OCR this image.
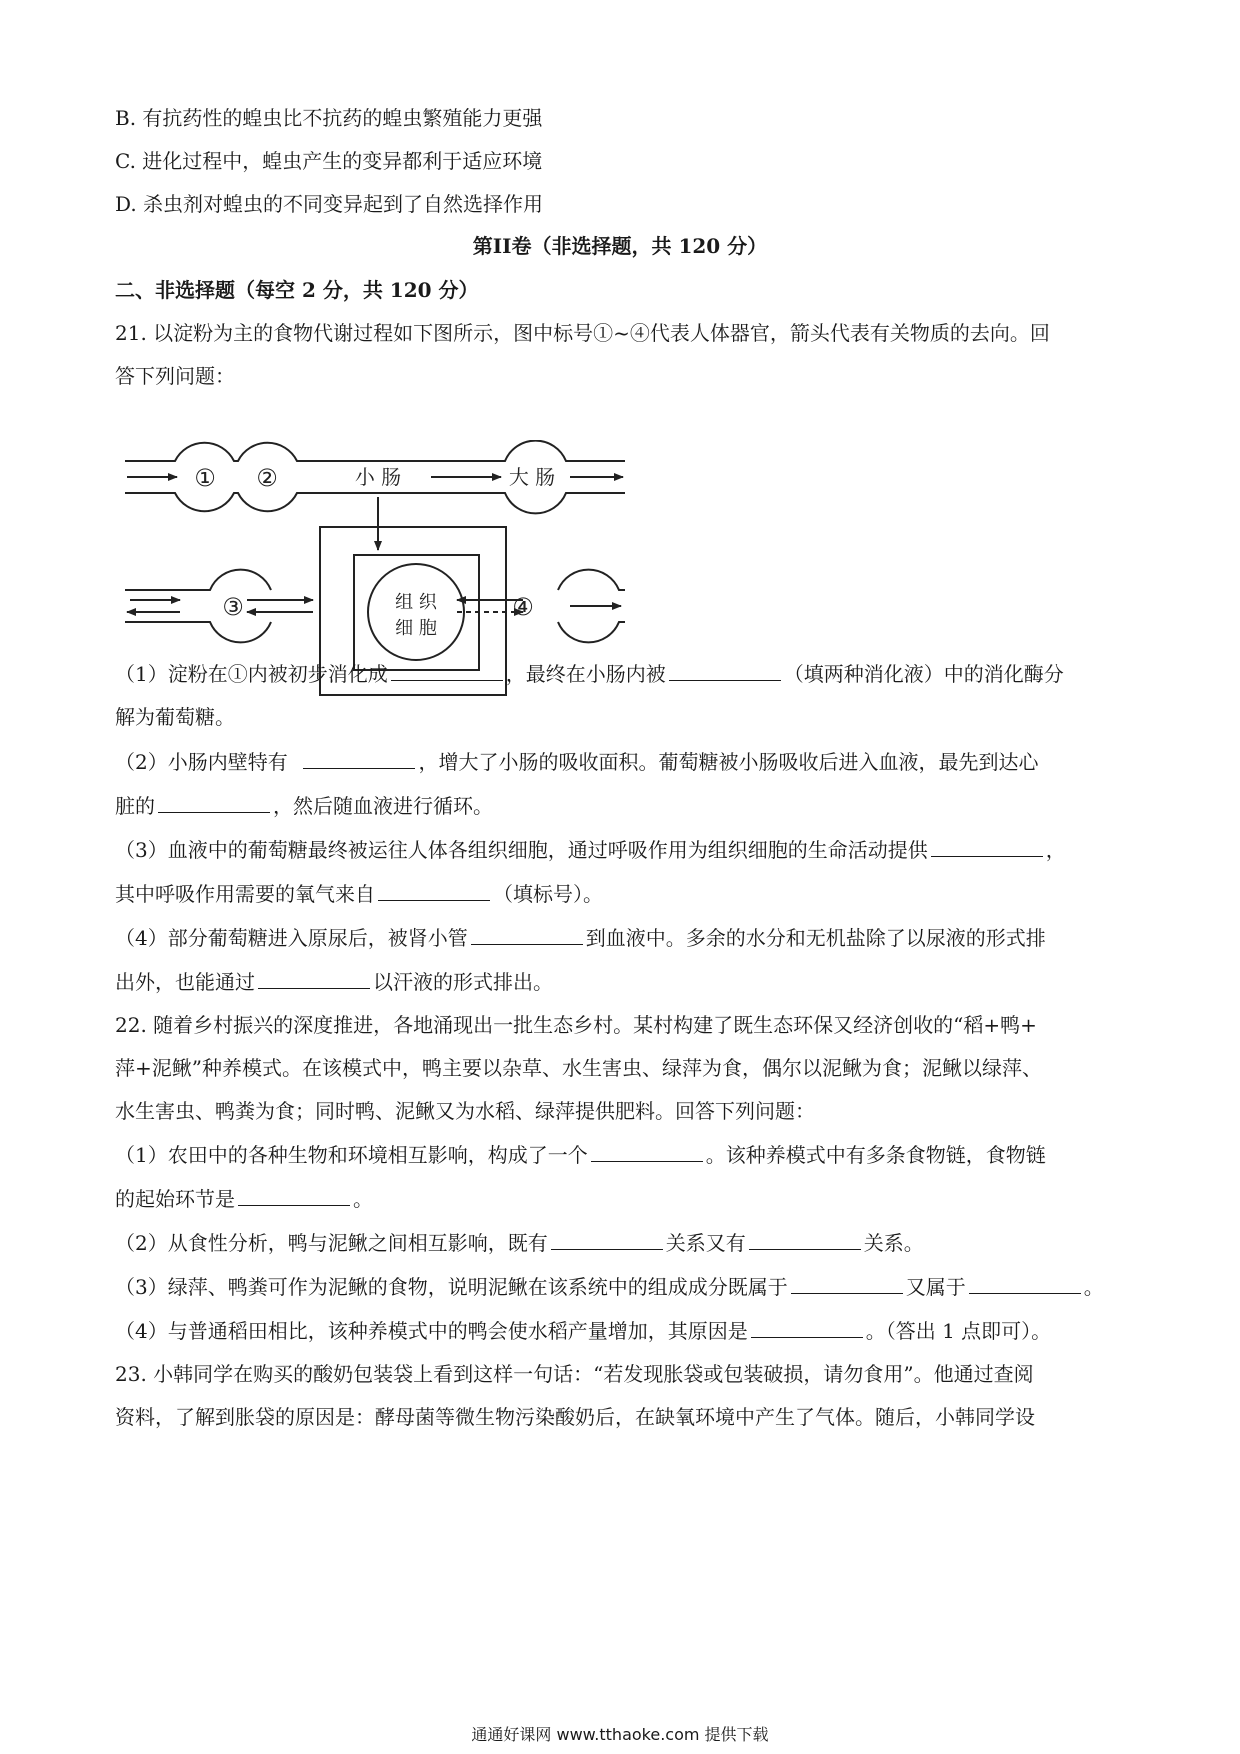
B. 有抗药性的蝗虫比不抗药的蝗虫繁殖能力更强
C. 进化过程中，蝗虫产生的变异都利于适应环境
D. 杀虫剂对蝗虫的不同变异起到了自然选择作用
第II卷（非选择题，共 120 分）
二、非选择题（每空 2 分，共 120 分）
21. 以淀粉为主的食物代谢过程如下图所示，图中标号①~④代表人体器官，箭头代表有关物质的去向。回
答下列问题：
① ②	小 肠	大 肠
③	④
组 织
细 胞
（1）淀粉在①内被初步消化成	，最终在小肠内被	（填两种消化液）中的消化酶分
解为葡萄糖。
（2）小肠内壁特有	，增大了小肠的吸收面积。葡萄糖被小肠吸收后进入血液，最先到达心
脏的	，然后随血液进行循环。
（3）血液中的葡萄糖最终被运往人体各组织细胞，通过呼吸作用为组织细胞的生命活动提供	，
其中呼吸作用需要的氧气来自	（填标号）。
（4）部分葡萄糖进入原尿后，被肾小管	到血液中。多余的水分和无机盐除了以尿液的形式排
出外，也能通过	以汗液的形式排出。
22. 随着乡村振兴的深度推进，各地涌现出一批生态乡村。某村构建了既生态环保又经济创收的“稻+鸭+
萍+泥鳅”种养模式。在该模式中，鸭主要以杂草、水生害虫、绿萍为食，偶尔以泥鳅为食；泥鳅以绿萍、
水生害虫、鸭粪为食；同时鸭、泥鳅又为水稻、绿萍提供肥料。回答下列问题：
（1）农田中的各种生物和环境相互影响，构成了一个	。该种养模式中有多条食物链，食物链
的起始环节是	。
（2）从食性分析，鸭与泥鳅之间相互影响，既有	关系又有	关系。
（3）绿萍、鸭粪可作为泥鳅的食物，说明泥鳅在该系统中的组成成分既属于	又属于	。
（4）与普通稻田相比，该种养模式中的鸭会使水稻产量增加，其原因是	。（答出 1 点即可）。
23. 小韩同学在购买的酸奶包装袋上看到这样一句话：“若发现胀袋或包装破损，请勿食用”。他通过查阅
资料，了解到胀袋的原因是：酵母菌等微生物污染酸奶后，在缺氧环境中产生了气体。随后，小韩同学设
通通好课网 www.tthaoke.com 提供下载
